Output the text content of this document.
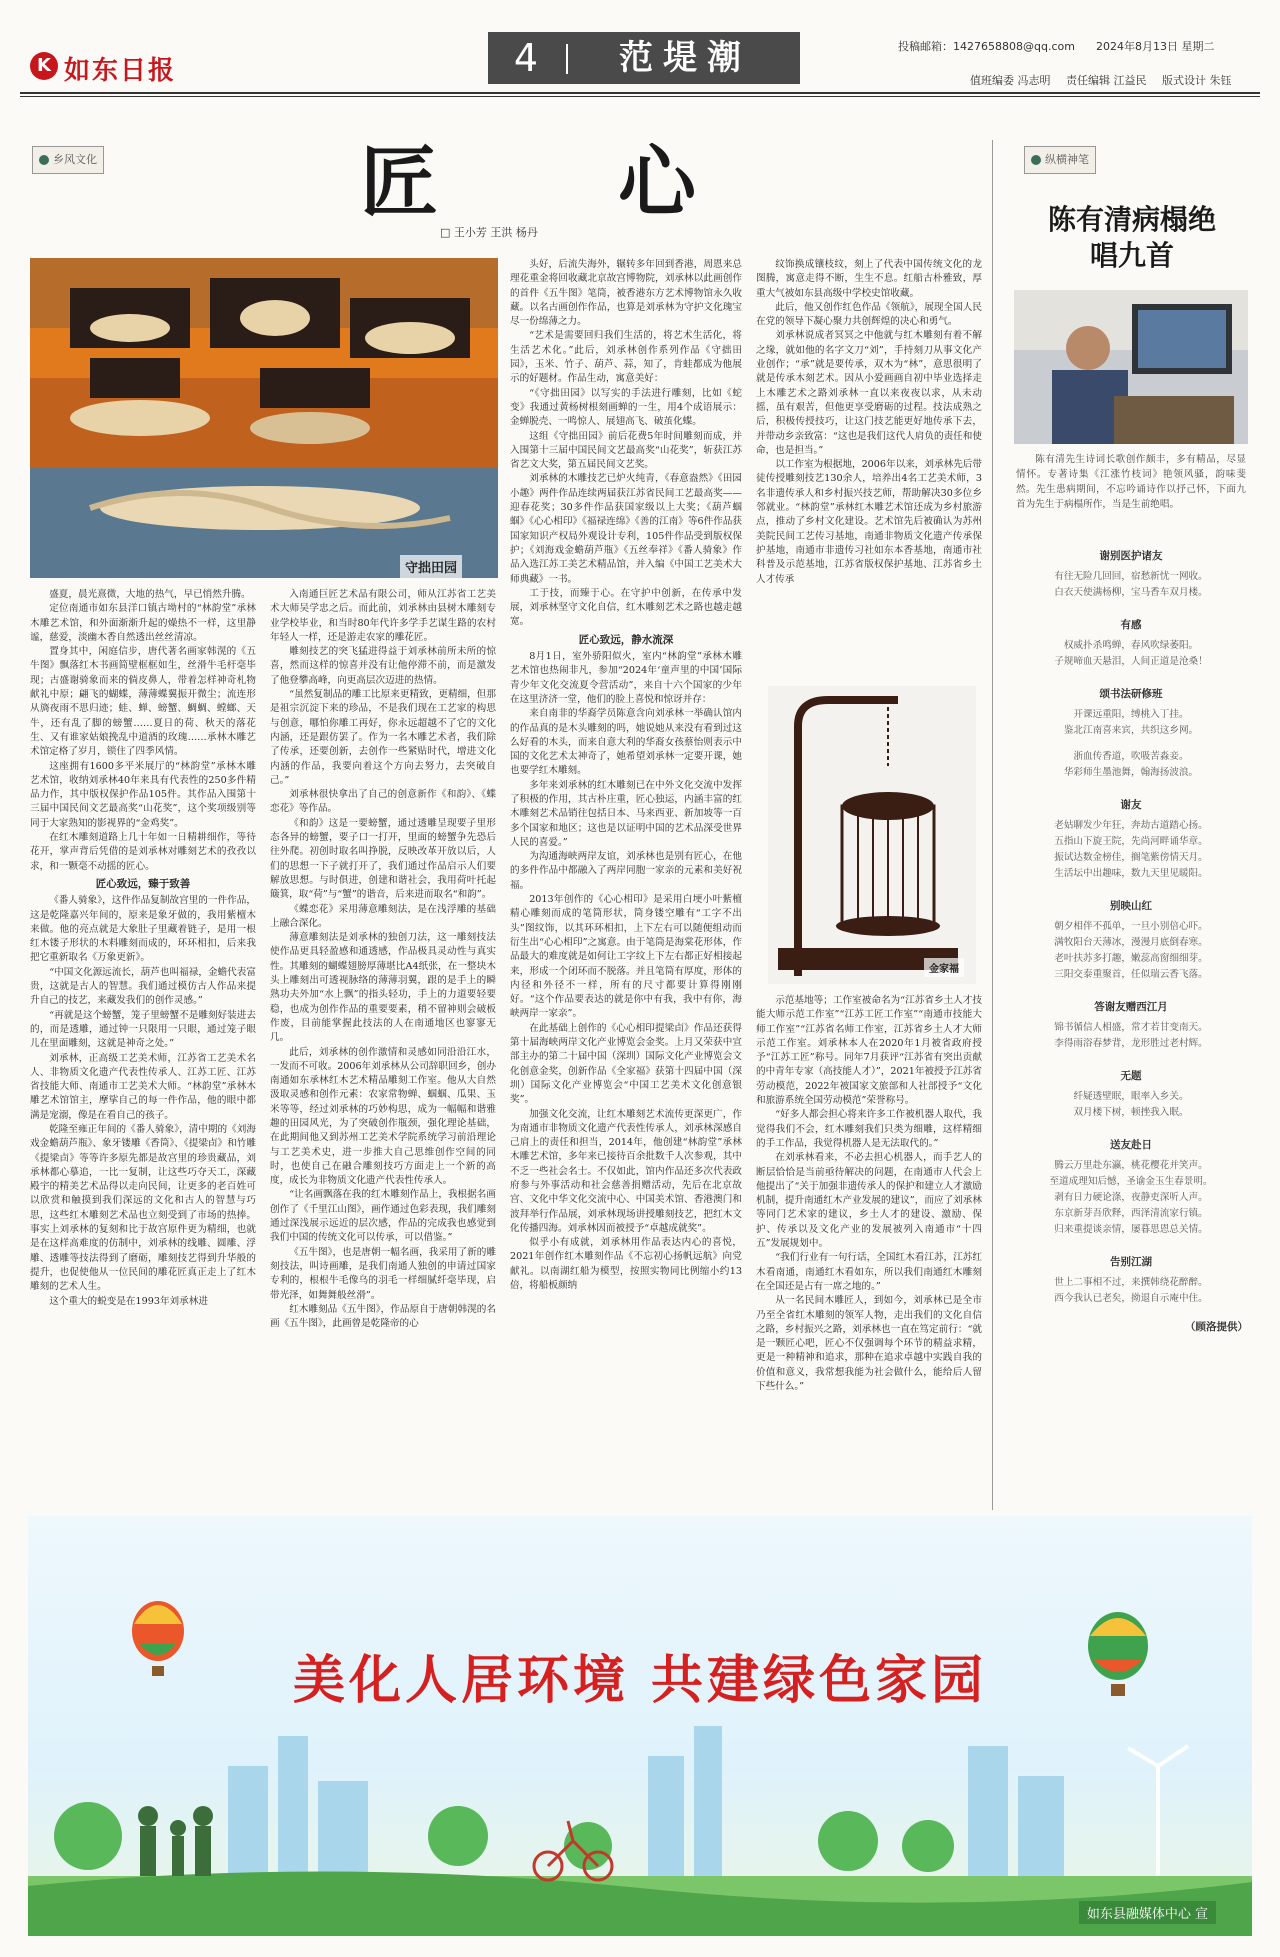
K 如东日报	4	范堤潮	投稿邮箱：1427658808@qq.com 2024年8月13日 星期二
值班编委 冯志明 责任编辑 江益民 版式设计 朱钰
乡风文化	纵横神笔
匠心
□ 王小芳 王洪 杨丹
守拙田园

盛夏，晨光熹微，大地的热气，早已悄然升腾。

定位南通市如东县洋口镇古坳村的“林韵堂”承林木雕艺术馆，和外面渐渐升起的燥热不一样，这里静谧，慈爱，淡幽木香自然透出丝丝清凉。

置身其中，闲庭信步，唐代著名画家韩滉的《五牛图》飘落红木书画简壁框框如生，丝滑牛毛杆毫毕现；古盛谢骑象而来的倘皮鼻人，带着怎样神奇札物献礼中原；翩飞的蝴蝶，薄薄蝶翼振开微尘；流连形从旖夜雨不思归迹；蛙、蝉、螃蟹、蜩蜩、螳螂、天牛，还有乱了脚的螃蟹……夏日的荷、秋天的落花生、又有谁家姑娘挽乱中道酒的玫瑰……承林木雕艺术馆定格了岁月，锁住了四季风情。

这座拥有1600多平米展厅的“林韵堂”承林木雕艺术馆，收纳刘承林40年来具有代表性的250多件精品力作，其中版权保护作品105件。其作品入围第十三届中国民间文艺最高奖“山花奖”，这个奖项级别等同于大家熟知的影视界的“金鸡奖”。

在红木雕刻道路上几十年如一日精耕细作，等待花开，掌声背后凭借的是刘承林对雕刻艺术的孜孜以求，和一颗毫不动摇的匠心。

匠心致远，臻于致善

《番人骑象》，这件作品复制故宫里的一件作品，这是乾隆嘉兴年间的，原来是象牙做的，我用紫檀木来做。他的亮点就是大象肚子里藏着链子，是用一根红木镂子形状的木料雕刻而成的，环环相扣，后来我把它重新取名《万象更新》。

“中国文化源远流长，葫芦也叫福禄，金蟾代表富贵，这就是古人的智慧。我们通过模仿古人作品来提升自己的技艺，来藏发我们的创作灵感。”

“再就是这个螃蟹，笼子里螃蟹不是雕刻好装进去的，而是透雕，通过钟一只限用一只眼，通过笼子眼儿在里面雕刻，这就是神奇之处。”

刘承林，正高级工艺美术师，江苏省工艺美术名人、非物质文化遗产代表性传承人、江苏工匠、江苏省技能大师、南通市工艺美术大师。“林韵堂”承林木雕艺术馆馆主，摩挲自己的每一件作品，他的眼中都满是宠溺，像是在看自己的孩子。

乾隆至雍正年间的《番人骑象》，清中期的《刘海戏金蟾葫芦瓶》、象牙镂雕《香筒》、《提梁卣》和竹雕《提梁卣》等等许多原先都是故宫里的珍贵藏品，刘承林都心摹追，一比一复制，让这些巧夺天工，深藏殿宇的精美艺术品得以走向民间，让更多的老百姓可以欣赏和触摸到我们深远的文化和古人的智慧与巧思，这些红木雕刻艺术品也立刻受到了市场的热捧。事实上刘承林的复刻和比于故宫原件更为精细，也就是在这样高难度的仿制中，刘承林的线雕、圆雕、浮雕、透雕等技法得到了磨砺，雕刻技艺得到升华般的提升，也促使他从一位民间的雕花匠真正走上了红木雕刻的艺术人生。

这个重大的蜕变是在1993年刘承林进

入南通巨匠艺术品有限公司，师从江苏省工艺美术大师吴学忠之后。而此前，刘承林由县树木雕刻专业学校毕业，和当时80年代许多学手艺谋生路的农村年轻人一样，还是游走农家的雕花匠。

雕刻技艺的突飞猛进得益于刘承林前所未所的惊喜，然而这样的惊喜并没有让他停滞不前，而是激发了他登攀高峰，向更高层次迈进的热情。

“虽然复制品的雕工比原来更精致，更精细，但那是祖宗沉淀下来的珍品，不是我们现在工艺家的构思与创意，哪怕你雕工再好，你永远超越不了它的文化内涵，还是跟仿罢了。作为一名木雕艺术者，我们除了传承，还要创新，去创作一些紧贴时代，增进文化内涵的作品，我要向着这个方向去努力，去突破自己。”

刘承林很快拿出了自己的创意新作《和韵》、《蝶恋花》等作品。

《和韵》这是一要螃蟹，通过透雕呈现要子里形态各异的螃蟹，要子口一打开，里面的螃蟹争先恐后往外爬。初创时取名叫挣脱，反映改革开放以后，人们的思想一下子就打开了，我们通过作品启示人们要解放思想。与时俱进，创建和谐社会，我用荷叶托起簸箕，取“荷”与“蟹”的谐音，后来进而取名“和韵”。

《蝶恋花》采用薄意雕刻法，是在浅浮雕的基础上融合深化。

薄意雕刻法是刘承林的独创刀法，这一雕刻技法使作品更具轻盈感和通透感，作品极具灵动性与真实性。其雕刻的蝴蝶翅膀厚薄堪比A4纸张，在一整块木头上雕刻出可透视脉络的薄薄羽翼，跟的是手上的瞬熟功夫外加“水上飘”的指头轻功，手上的力道要轻要稳，也成为创作作品的重要要素，稍不留神则会破板作废，目前能掌握此技法的人在南通地区也寥寥无几。

此后，刘承林的创作激情和灵感如同沿沿江水，一发而不可收。2006年刘承林从公司辞职回乡，创办南通如东承林红木艺术精品雕刻工作室。他从大自然汲取灵感和创作元素：农家常物蝉、蝈蝈、瓜果、玉米等等，经过刘承林的巧妙构思，成为一幅幅和谐雅趣的田园风光，为了突破创作瓶颈，强化理论基础，在此期间他又到苏州工艺美术学院系统学习前沿理论与工艺美术史，进一步推大自己思维创作空间的同时，也使自己在融合雕刻技巧方面走上一个新的高度，成长为非物质文化遗产代表性传承人。

“让名画飘落在我的红木雕刻作品上，我根据名画创作了《千里江山图》，画作通过色彩表现，我们雕刻通过深浅展示远近的层次感，作品的完成我也感觉到我们中国的传统文化可以传承，可以借鉴。”

《五牛图》，也是唐朝一幅名画，我采用了新的雕刻技法，叫诗画雕，是我们南通人独创的申请过国家专利的，根根牛毛像乌的羽毛一样细腻纤毫毕现，启带光泽，如舞舞般丝滑”。

红木雕刻品《五牛图》，作品原自于唐朝韩滉的名画《五牛图》，此画曾是乾隆帝的心

头好，后流失海外，辗转多年回到香港，周恩来总理花重金将回收藏北京故宫博物院，刘承林以此画创作的首件《五牛图》笔筒，被香港东方艺术博物馆永久收藏。以名古画创作作品，也算是刘承林为守护文化瑰宝尽一份绵薄之力。

“艺术是需要回归我们生活的，将艺术生活化，将生活艺术化。”此后，刘承林创作系列作品《守拙田园》，玉米、竹子、葫芦、蒜，知了，肯蛙都成为他展示的好题材。作品生动，寓意美好：

“《守拙田园》以写实的手法进行雕刻，比如《蛇变》我通过黄杨树根刻画蝉的一生，用4个成语展示：金蝉脱壳、一鸣惊人、展翅高飞、破茧化蝶。

这组《守拙田园》前后花费5年时间雕刻而成，并入围第十三届中国民间文艺最高奖“山花奖”，斩获江苏省艺文大奖，第五届民间文艺奖。

刘承林的木雕技艺已炉火纯青，《春意盎然》《田园小趣》两件作品连续两届获江苏省民间工艺最高奖——迎春花奖；30多件作品获国家级以上大奖；《葫芦蝈蝈》《心心相印》《福禄连绵》《善的江南》等6件作品获国家知识产权局外观设计专利，105件作品受到版权保护；《刘海戏金蟾葫芦瓶》《五丝奉祥》《番人骑象》作品入选江苏工美艺术精品馆，并入编《中国工艺美术大师典藏》一书。

工于技，而臻于心。在守护中创新，在传承中发展，刘承林坚守文化自信，红木雕刻艺术之路也越走越宽。

匠心致远，静水流深

8月1日，室外骄阳似火，室内“林韵堂”承林木雕艺术馆也热闹非凡，参加“2024年‘童声里的中国’国际青少年文化交流夏令营活动”，来自十六个国家的少年在这里济济一堂，他们的脸上喜悦和惊讶并存：

来自南非的华裔学员陈意含向刘承林一举确认馆内的作品真的是木头雕刻的吗，她说她从来没有看到过这么好看的木头，而来自意大利的华裔女孩蔡怡则表示中国的文化艺术太神奇了，她希望刘承林一定要开课，她也要学红木雕刻。

多年来刘承林的红木雕刻已在中外文化交流中发挥了积极的作用，其古朴庄重，匠心独运，内涵丰富的红木雕刻艺术品销往包括日本、马来西亚、新加坡等一百多个国家和地区；这也是以证明中国的艺术品深受世界人民的喜爱。”

为沟通海峡两岸友谊，刘承林也是别有匠心，在他的多件作品中都融入了两岸同胞一家亲的元素和美好祝福。

2013年创作的《心心相印》是采用白埂小叶紫檀精心雕刻而成的笔筒形状，筒身镂空雕有“工字不出头”图纹饰，以其环环相扣，上下左右可以随便组动而衍生出“心心相印”之寓意。由于笔筒是海棠花形体，作品最大的难度就是如何让工字纹上下左右都正好相接起来，形成一个闭环而不脱落。并且笔筒有厚度，形体的内径和外径不一样，所有的尺寸都要计算得刚刚好。“这个作品要表达的就是你中有我，我中有你，海峡两岸一家亲”。

在此基础上创作的《心心相印提梁卣》作品还获得第十届海峡两岸文化产业博览会金奖。上月又荣获中宣部主办的第二十届中国（深圳）国际文化产业博览会文化创意金奖，创新作品《全家福》获第十四届中国（深圳）国际文化产业博览会“中国工艺美术文化创意银奖”。

加强文化交流，让红木雕刻艺术流传更深更广，作为南通市非物质文化遗产代表性传承人，刘承林深感自己肩上的责任和担当，2014年，他创建“林韵堂”承林木雕艺术馆，多年来已接待百余批数千人次参观，其中不乏一些社会名士。不仅如此，馆内作品还多次代表政府参与外事活动和社会慈善捐赠活动，先后在北京故宫、文化中华文化交流中心、中国美术馆、香港澳门和波拜举行作品展，刘承林现场讲授雕刻技艺，把红木文化传播四海。刘承林因而被授予“卓越成就奖”。

似乎小有成就，刘承林用作品表达内心的喜悦，2021年创作红木雕刻作品《不忘初心扬帆远航》向党献礼。以南湖红船为模型，按照实物同比例缩小约13倍，将船板颜纳

纹饰换成镶枝纹，刻上了代表中国传统文化的龙图腾，寓意走得不断，生生不息。红船古朴雅致，厚重大气被如东县高级中学校史馆收藏。

此后，他又创作红色作品《领航》，展现全国人民在党的领导下凝心聚力共创辉煌的决心和勇气。

刘承林说成者冥冥之中他就与红木雕刻有着不解之缘，就如他的名字文刀“刘”，手持刻刀从事文化产业创作；“承”就是要传承，双木为“林”，意思很明了就是传承木刻艺术。因从小爱画画自初中毕业选择走上木雕艺术之路刘承林一直以来夜夜以求，从未动摇，虽有艰苦，但他更享受磨砺的过程。技法成熟之后，积极传授技巧，让这门技艺能更好地传承下去，并带动乡亲致富：“这也是我们这代人肩负的责任和使命，也是担当。”

以工作室为根据地，2006年以来，刘承林先后带徒传授雕刻技艺130余人，培养出4名工艺美术师，3名非遗传承人和乡村振兴技艺师，帮助解决30多位乡邻就业。“林韵堂”承林红木雕艺术馆还成为乡村旅游点，推动了乡村文化建设。艺术馆先后被确认为苏州美院民间工艺传习基地，南通非物质文化遗产传承保护基地，南通市非遗传习社如东本香基地，南通市社科普及示范基地，江苏省版权保护基地、江苏省乡土人才传承

金家福

示范基地等；工作室被命名为“江苏省乡土人才技能大师示范工作室”“江苏工匠工作室”“南通市技能大师工作室”“江苏省名师工作室，江苏省乡土人才大师示范工作室。刘承林本人在2020年1月被省政府授予“江苏工匠”称号。同年7月获评“江苏省有突出贡献的中青年专家（高技能人才）”，2021年被授予江苏省劳动模范，2022年被国家文旅部和人社部授予“文化和旅游系统全国劳动模范”荣誉称号。

“好多人都会担心将来许多工作被机器人取代，我觉得我们不会，红木雕刻我们只类为细雕，这样精细的手工作品，我觉得机器人是无法取代的。”

在刘承林看来，不必去担心机器人，而手艺人的断层恰恰是当前亟待解决的问题，在南通市人代会上他提出了“关于加强非遗传承人的保护和建立人才激励机制，提升南通红木产业发展的建议”，而应了刘承林等同门艺术家的建议，乡土人才的建设、激励、保护、传承以及文化产业的发展被列入南通市“十四五”发展规划中。

“我们行业有一句行话，全国红木看江苏，江苏红木看南通，南通红木看如东，所以我们南通红木雕刻在全国还是占有一席之地的。”

从一名民间木雕匠人，到如今，刘承林已是全市乃至全省红木雕刻的领军人物，走出我们的文化自信之路，乡村振兴之路，刘承林也一直在笃定前行：“就是一颗匠心吧，匠心不仅强调每个环节的精益求精，更是一种精神和追求，那种在追求卓越中实践自我的价值和意义，我常想我能为社会做什么，能给后人留下些什么。”

陈有清病榻绝唱九首
陈有清先生诗词长歌创作颇丰，多有精品，尽显情怀。专著诗集《江涨竹枝词》艳领风骚，韵味斐然。先生患病期间，不忘吟诵诗作以抒己怀，下面九首为先生于病榻所作，当是生前绝唱。
谢别医护诸友
有往无险几回回，宿愁新忧一网收。
白衣天使满杨柳，宝马香车双月楼。
有感
权威扑杀鸣蝉，春风吹绿萎阳。
子规啼血天悬泪，人间正道是沧桑！
颂书法研修班
开课远重阳，缚桃入丁挂。
鉴北江南喜来宾，共织这乡网。
浙血传香道，吹吸苦淼妾。
华彩师生墨池舞，翰海扬波浪。
谢友
老姑聊发少年狂，奔劫古道踏心扬。
五指山下旋王院，先尚河畔诵华章。
振试达数金榜佳，搁笔紫傍情天月。
生活坛中出趣味，数九天里见暖阳。
别映山红
朝夕相伴不孤单，一旦小别倍心吓。
满牧阳台天薄冰，漫漫月底倒春寒。
老叶扶苏多打趣，嫩蕊高窗细细芽。
三阳交泰重聚首，任似瑞云香飞落。
答谢友赠西江月
锦书循信人相盛，常才若甘变南天。
李得雨浴春梦背，龙形胜过老村辉。
无题
纤疑透壁眠，眼率入乡关。
双月楼下树，顿挫我入眠。
送友赴日
腾云万里赴东瀛，桃花樱花并笑声。
至道成理知后憾，圣谕金玉生春景明。
剥有日力硬论涤，夜静吏深听人声。
东京新芽吾欣释，西泽清流家行镇。
归来重提谈亲情，屡暮思恩总关情。
告别江湖
世上二事相不过，来撰韩绕花醉醉。
西今我认已老矣，拗退自示庵中住。
（顾洛提供）
美化人居环境 共建绿色家园
如东县融媒体中心 宣
